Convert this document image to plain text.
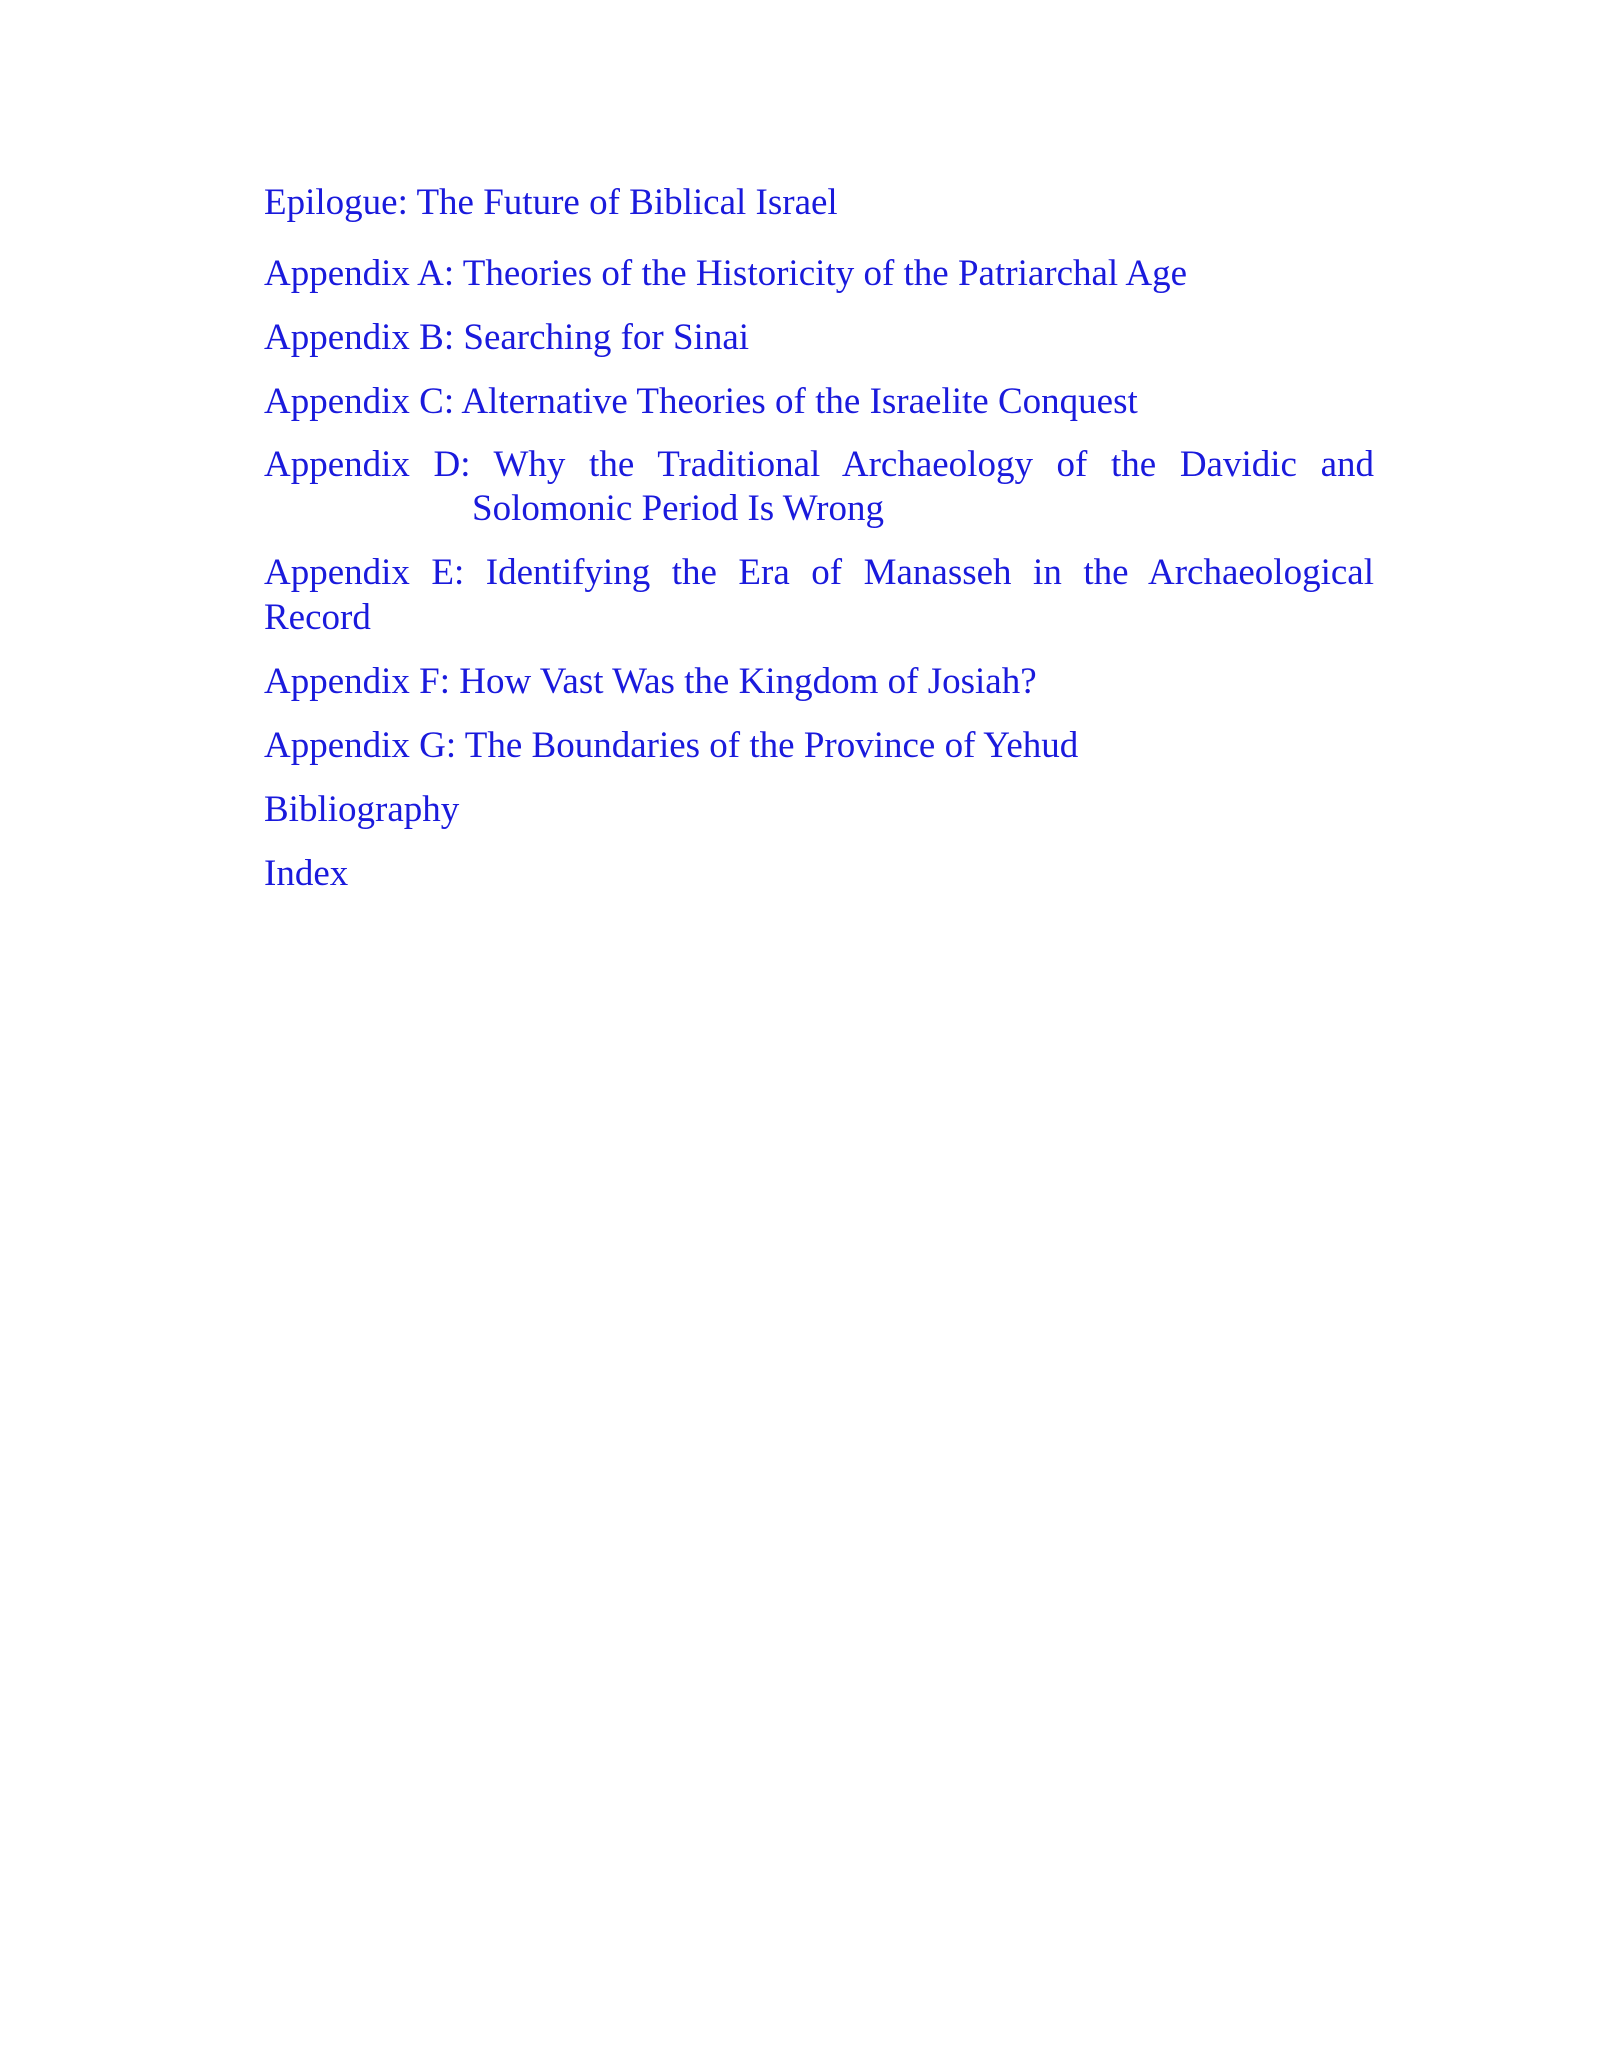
Epilogue: The Future of Biblical Israel
Appendix A: Theories of the Historicity of the Patriarchal Age
Appendix B: Searching for Sinai
Appendix C: Alternative Theories of the Israelite Conquest
Appendix D: Why the Traditional Archaeology of the Davidic and Solomonic Period Is Wrong
Appendix E: Identifying the Era of Manasseh in the Archaeological Record
Appendix F: How Vast Was the Kingdom of Josiah?
Appendix G: The Boundaries of the Province of Yehud
Bibliography
Index
